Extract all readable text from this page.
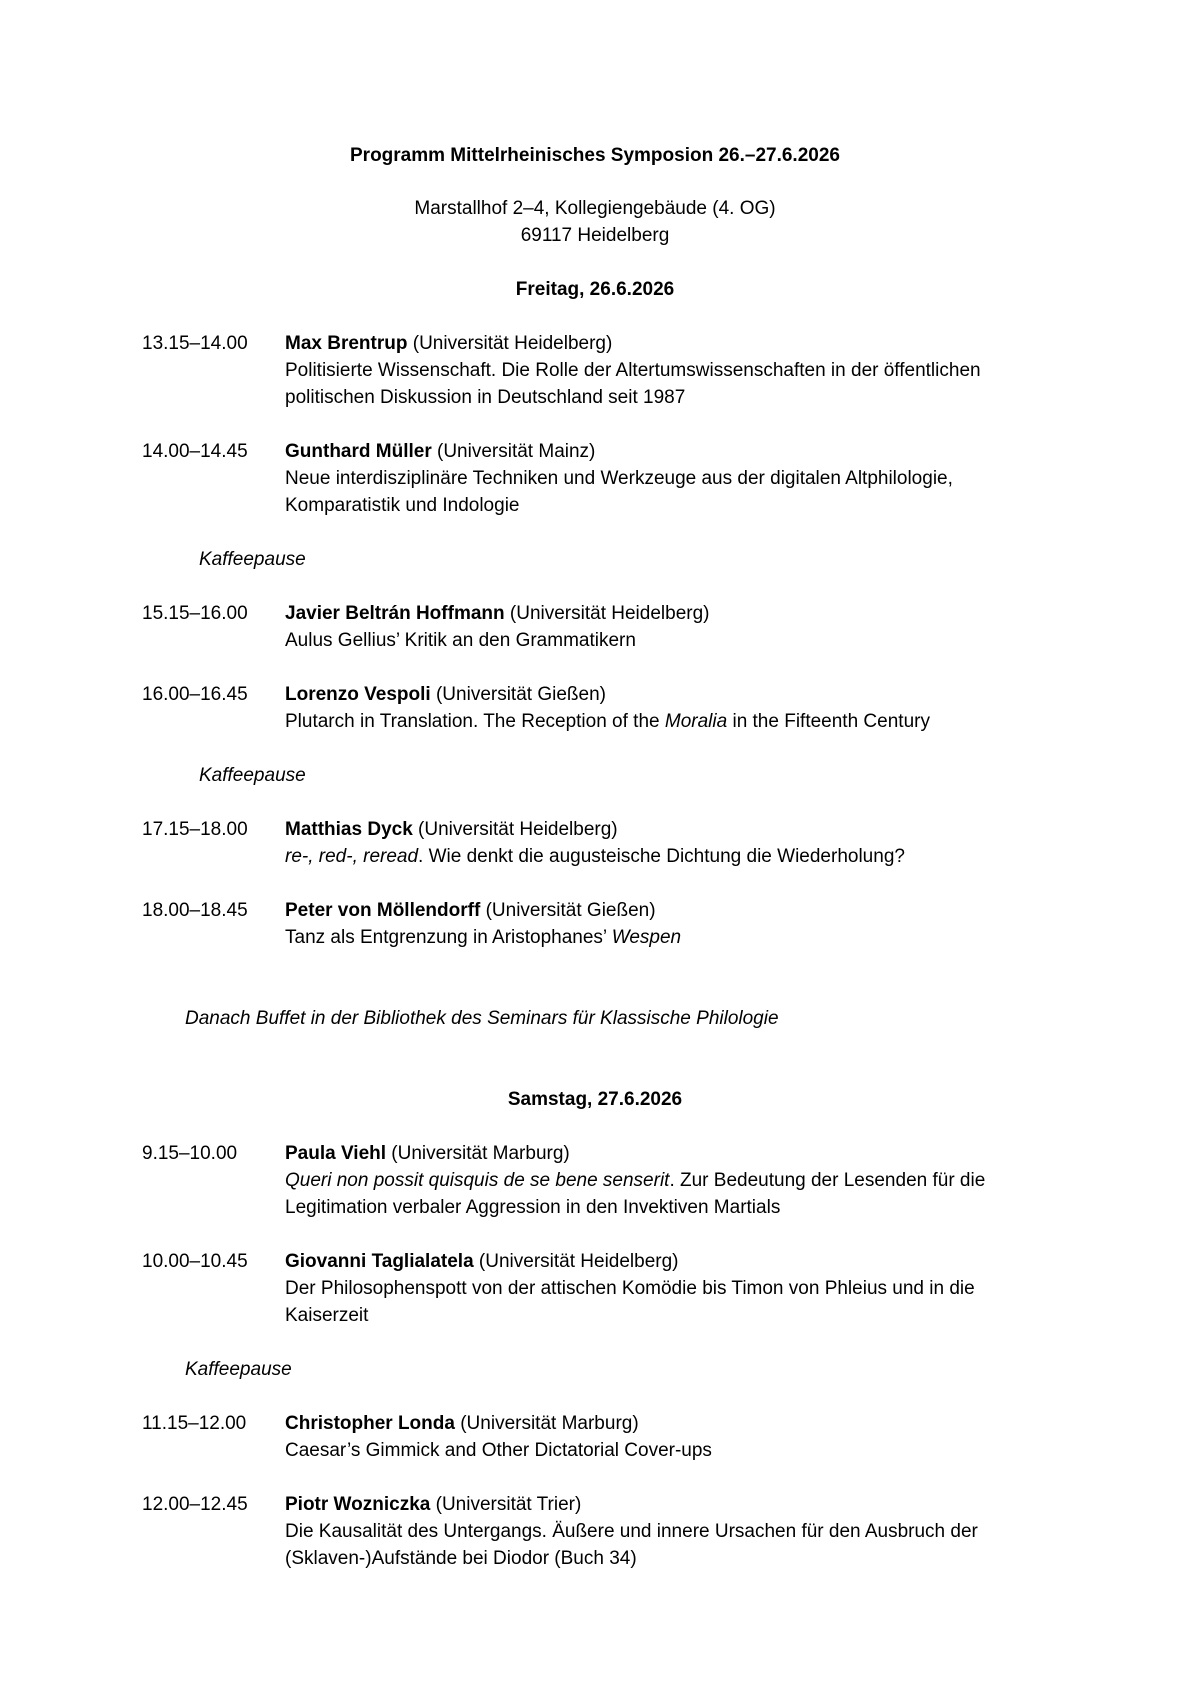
Programm Mittelrheinisches Symposion 26.–27.6.2026
Marstallhof 2–4, Kollegiengebäude (4. OG)
69117 Heidelberg
Freitag, 26.6.2026
13.15–14.00	Max Brentrup (Universität Heidelberg)
Politisierte Wissenschaft. Die Rolle der Altertumswissenschaften in der öffentlichen
politischen Diskussion in Deutschland seit 1987
14.00–14.45	Gunthard Müller (Universität Mainz)
Neue interdisziplinäre Techniken und Werkzeuge aus der digitalen Altphilologie,
Komparatistik und Indologie
Kaffeepause
15.15–16.00	Javier Beltrán Hoffmann (Universität Heidelberg)
Aulus Gellius’ Kritik an den Grammatikern
16.00–16.45	Lorenzo Vespoli (Universität Gießen)
Plutarch in Translation. The Reception of the Moralia in the Fifteenth Century
Kaffeepause
17.15–18.00	Matthias Dyck (Universität Heidelberg)
re-, red-, reread. Wie denkt die augusteische Dichtung die Wiederholung?
18.00–18.45	Peter von Möllendorff (Universität Gießen)
Tanz als Entgrenzung in Aristophanes’ Wespen
Danach Buffet in der Bibliothek des Seminars für Klassische Philologie
Samstag, 27.6.2026
9.15–10.00	Paula Viehl (Universität Marburg)
Queri non possit quisquis de se bene senserit. Zur Bedeutung der Lesenden für die
Legitimation verbaler Aggression in den Invektiven Martials
10.00–10.45	Giovanni Taglialatela (Universität Heidelberg)
Der Philosophenspott von der attischen Komödie bis Timon von Phleius und in die
Kaiserzeit
Kaffeepause
11.15–12.00	Christopher Londa (Universität Marburg)
Caesar’s Gimmick and Other Dictatorial Cover-ups
12.00–12.45	Piotr Wozniczka (Universität Trier)
Die Kausalität des Untergangs. Äußere und innere Ursachen für den Ausbruch der
(Sklaven-)Aufstände bei Diodor (Buch 34)
